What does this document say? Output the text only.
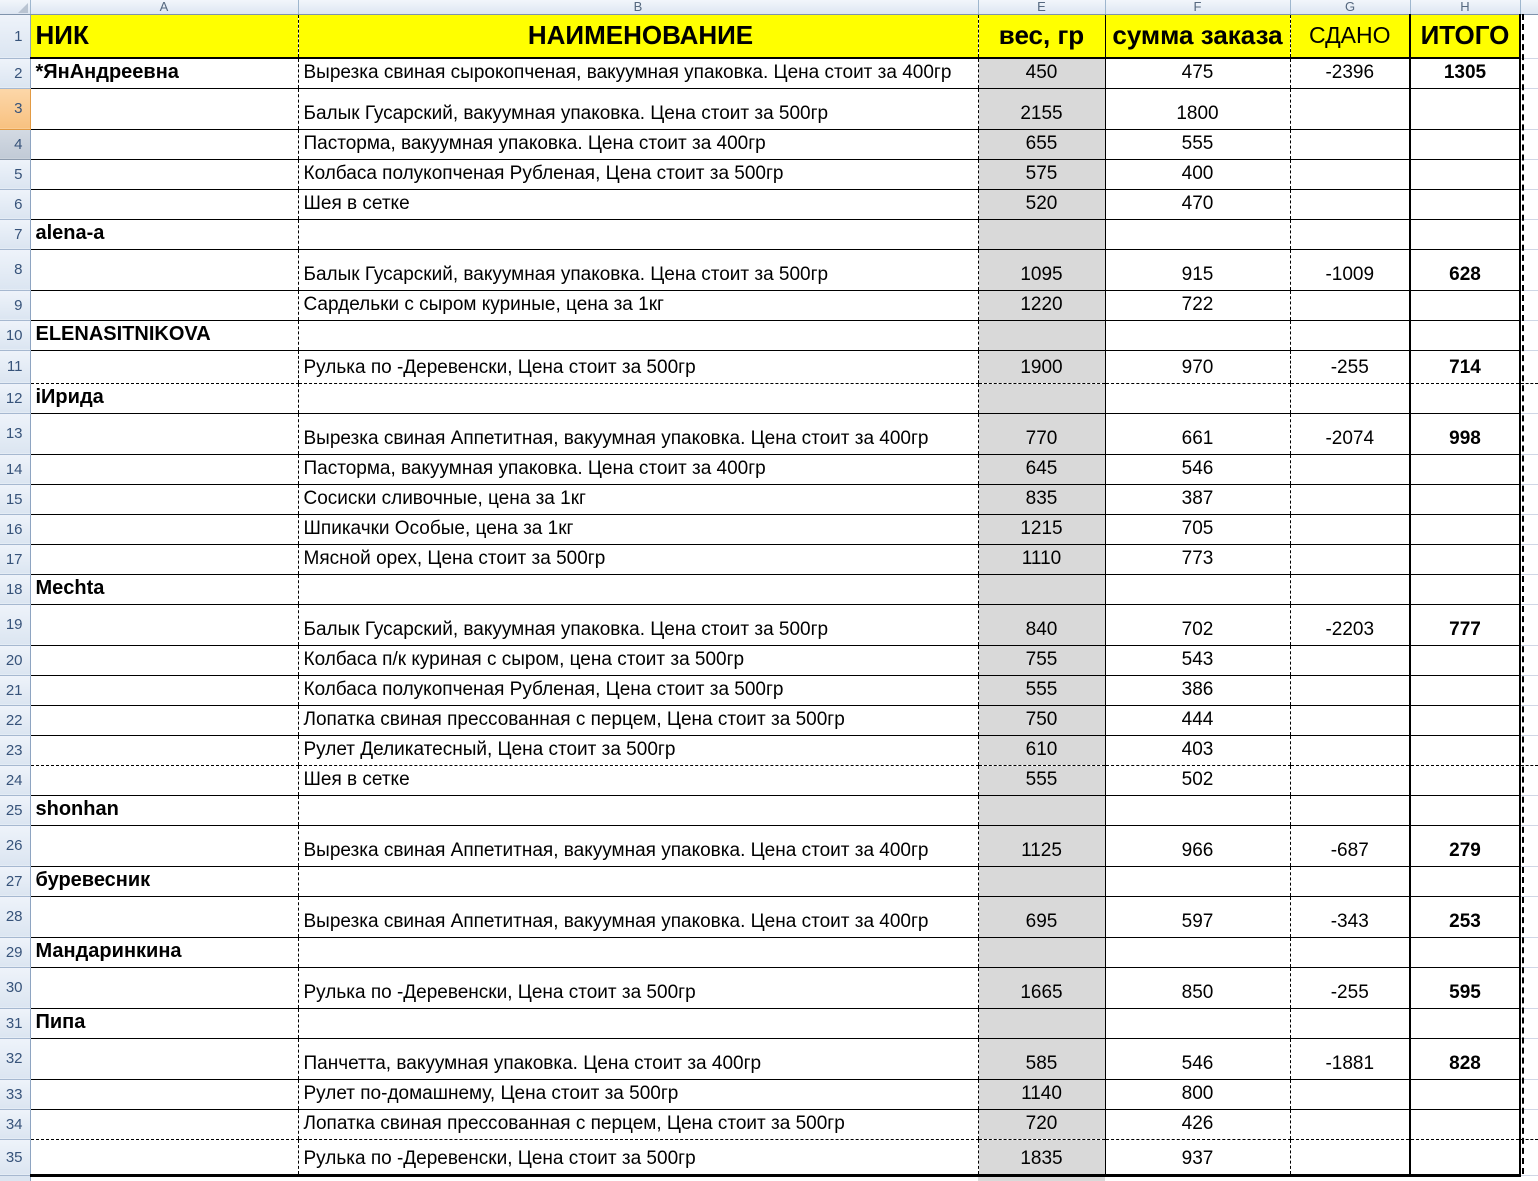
	A	B	E	F	G	H	
1	НИК	НАИМЕНОВАНИЕ	вес, гр	сумма заказа	СДАНО	ИТОГО	
2	*ЯнАндреевна	Вырезка свиная сырокопченая, вакуумная упаковка. Цена стоит за 400гр	450	475	-2396	1305	
3		Балык Гусарский, вакуумная упаковка. Цена стоит за 500гр	2155	1800			
4		Пасторма, вакуумная упаковка. Цена стоит за 400гр	655	555			
5		Колбаса полукопченая Рубленая, Цена стоит за 500гр	575	400			
6		Шея в сетке	520	470			
7	alena-a						
8		Балык Гусарский, вакуумная упаковка. Цена стоит за 500гр	1095	915	-1009	628	
9		Сардельки с сыром куриные, цена за 1кг	1220	722			
10	ELENASITNIKOVA						
11		Рулька по -Деревенски, Цена стоит за 500гр	1900	970	-255	714	
12	iИрида						
13		Вырезка свиная Аппетитная, вакуумная упаковка. Цена стоит за 400гр	770	661	-2074	998	
14		Пасторма, вакуумная упаковка. Цена стоит за 400гр	645	546			
15		Сосиски сливочные, цена за 1кг	835	387			
16		Шпикачки Особые, цена за 1кг	1215	705			
17		Мясной орех, Цена стоит за 500гр	1110	773			
18	Mechta						
19		Балык Гусарский, вакуумная упаковка. Цена стоит за 500гр	840	702	-2203	777	
20		Колбаса п/к куриная с сыром, цена стоит за 500гр	755	543			
21		Колбаса полукопченая Рубленая, Цена стоит за 500гр	555	386			
22		Лопатка свиная прессованная с перцем, Цена стоит за 500гр	750	444			
23		Рулет Деликатесный, Цена стоит за 500гр	610	403			
24		Шея в сетке	555	502			
25	shonhan						
26		Вырезка свиная Аппетитная, вакуумная упаковка. Цена стоит за 400гр	1125	966	-687	279	
27	буревесник						
28		Вырезка свиная Аппетитная, вакуумная упаковка. Цена стоит за 400гр	695	597	-343	253	
29	Мандаринкина						
30		Рулька по -Деревенски, Цена стоит за 500гр	1665	850	-255	595	
31	Пипа						
32		Панчетта, вакуумная упаковка. Цена стоит за 400гр	585	546	-1881	828	
33		Рулет по-домашнему, Цена стоит за 500гр	1140	800			
34		Лопатка свиная прессованная с перцем, Цена стоит за 500гр	720	426			
35		Рулька по -Деревенски, Цена стоит за 500гр	1835	937			
